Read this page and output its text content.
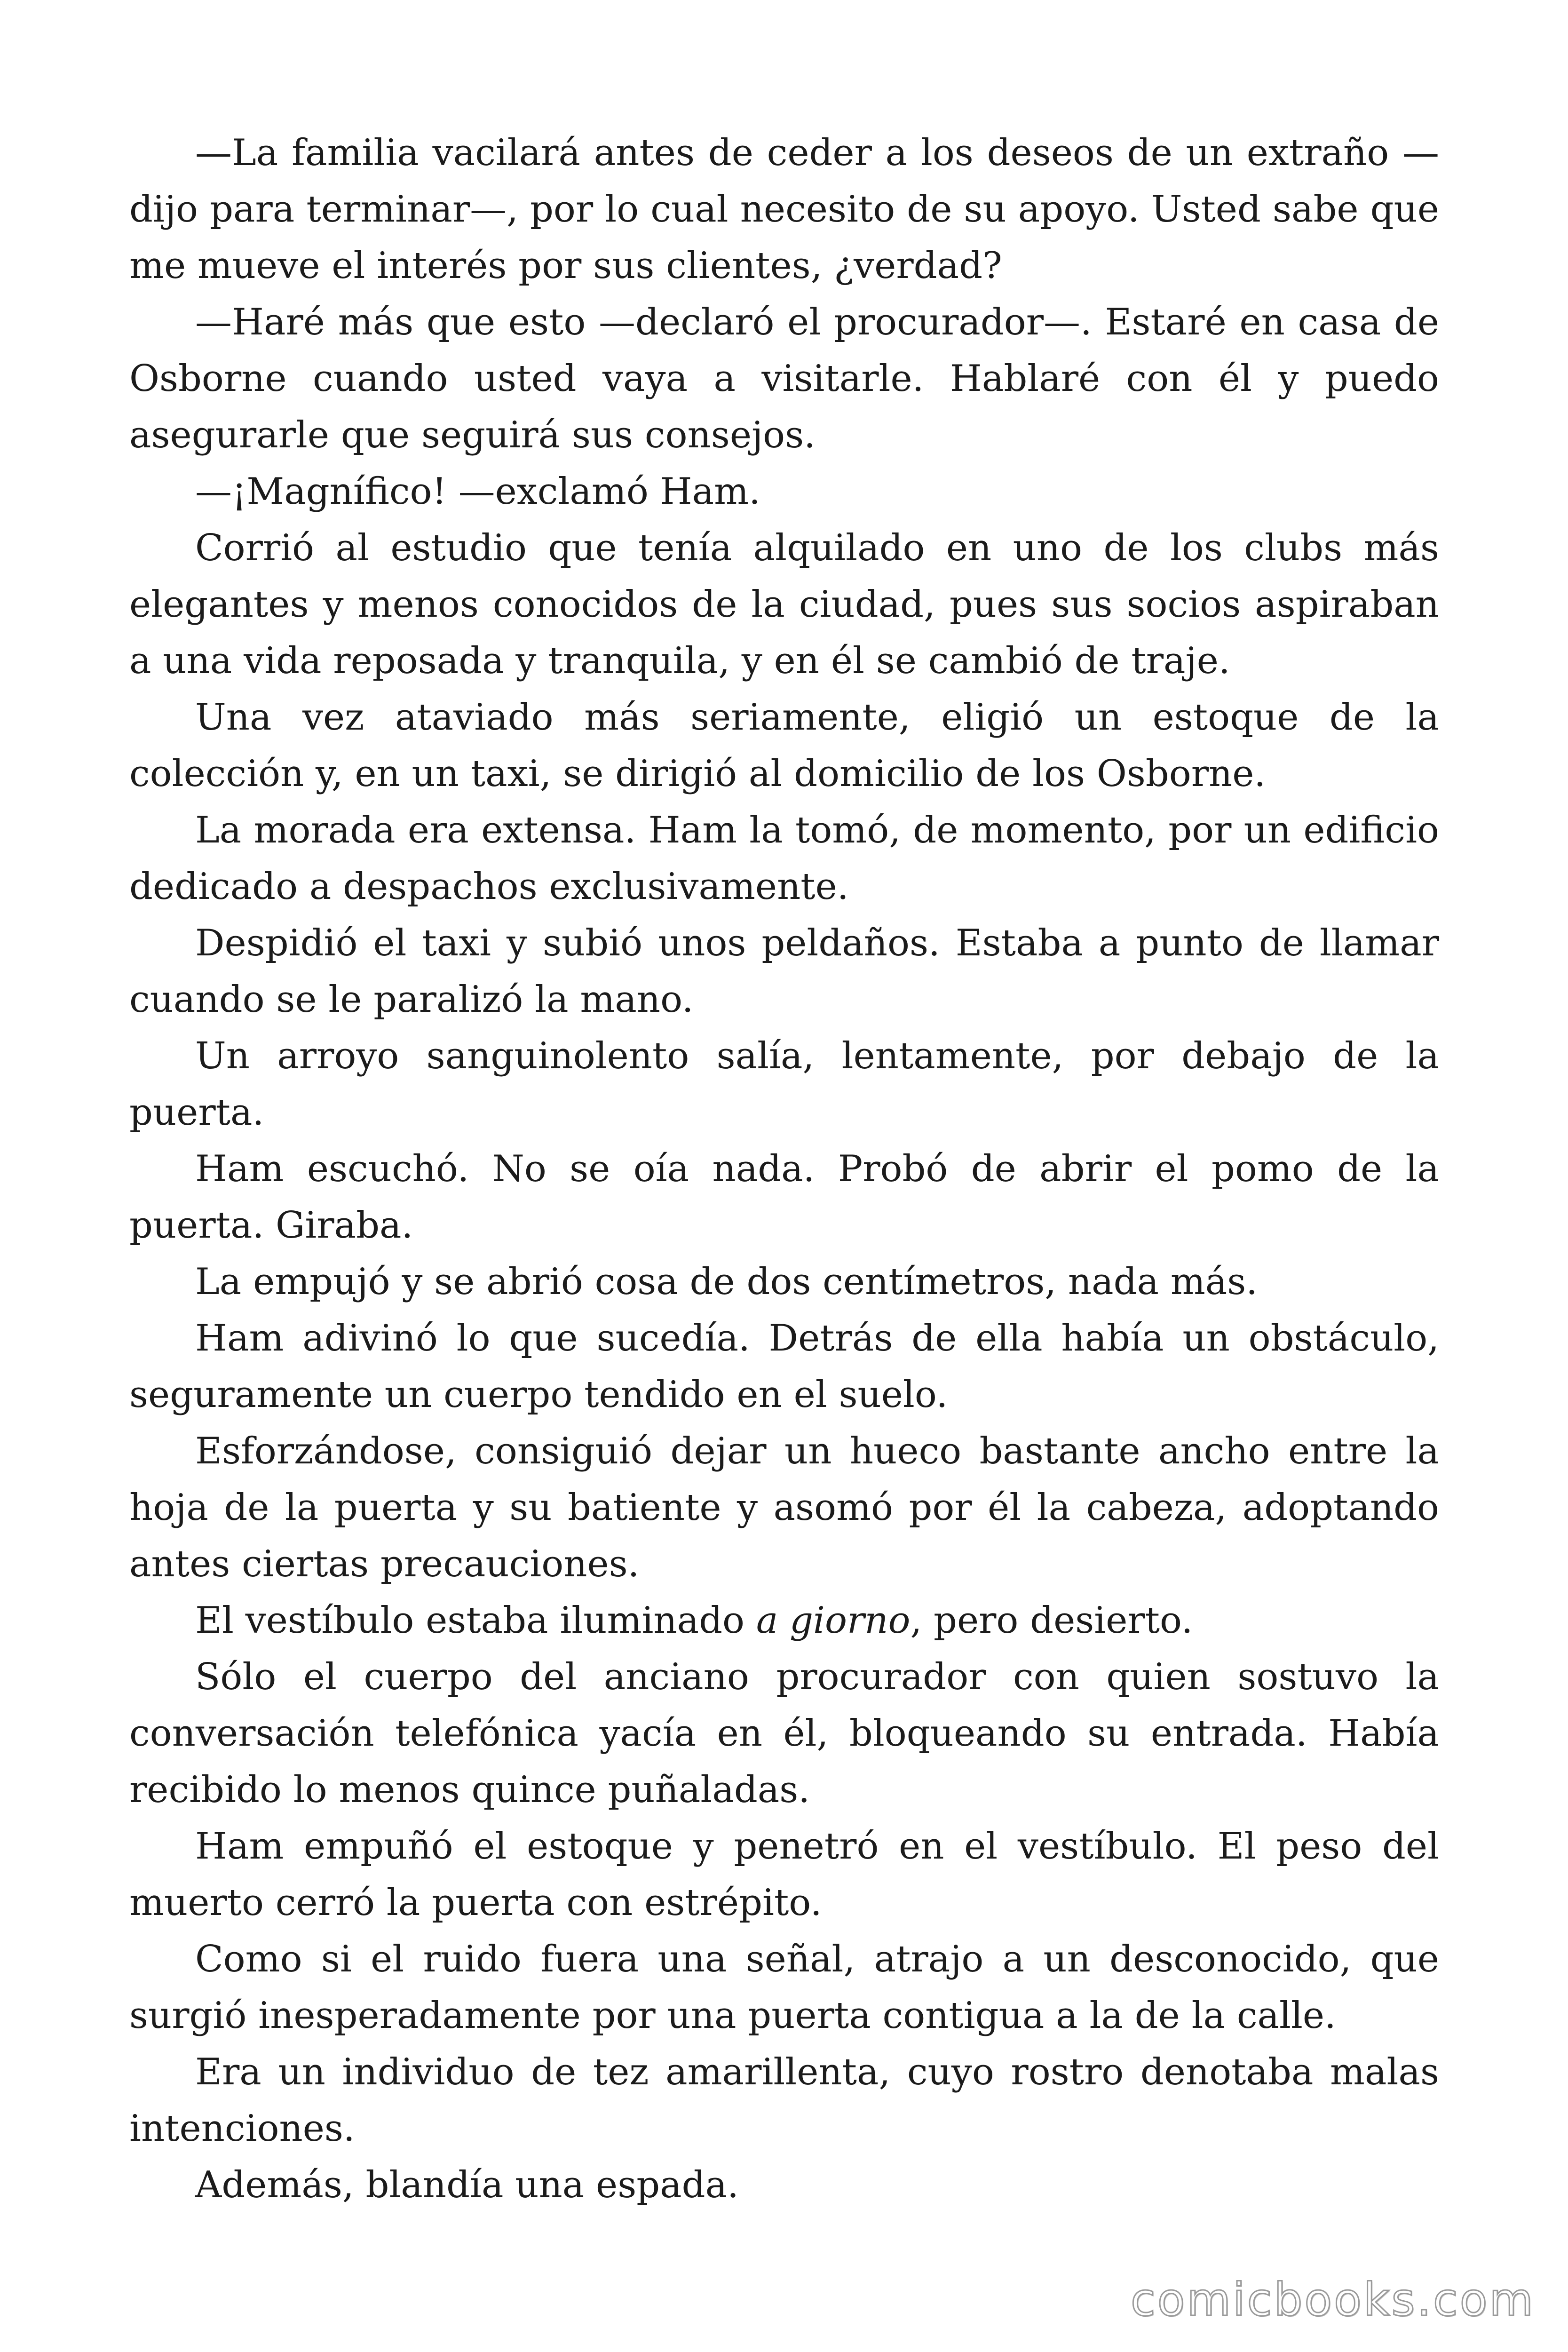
—La familia vacilará antes de ceder a los deseos de un extraño —dijo para terminar—, por lo cual necesito de su apoyo. Usted sabe que me mueve el interés por sus clientes, ¿verdad?

—Haré más que esto —declaró el procurador—. Estaré en casa de Osborne cuando usted vaya a visitarle. Hablaré con él y puedo asegurarle que seguirá sus consejos.

—¡Magnífico! —exclamó Ham.

Corrió al estudio que tenía alquilado en uno de los clubs más elegantes y menos conocidos de la ciudad, pues sus socios aspiraban a una vida reposada y tranquila, y en él se cambió de traje.

Una vez ataviado más seriamente, eligió un estoque de la colección y, en un taxi, se dirigió al domicilio de los Osborne.

La morada era extensa. Ham la tomó, de momento, por un edificio dedicado a despachos exclusivamente.

Despidió el taxi y subió unos peldaños. Estaba a punto de llamar cuando se le paralizó la mano.

Un arroyo sanguinolento salía, lentamente, por debajo de la puerta.

Ham escuchó. No se oía nada. Probó de abrir el pomo de la puerta. Giraba.

La empujó y se abrió cosa de dos centímetros, nada más.

Ham adivinó lo que sucedía. Detrás de ella había un obstáculo, seguramente un cuerpo tendido en el suelo.

Esforzándose, consiguió dejar un hueco bastante ancho entre la hoja de la puerta y su batiente y asomó por él la cabeza, adoptando antes ciertas precauciones.

El vestíbulo estaba iluminado a giorno, pero desierto.

Sólo el cuerpo del anciano procurador con quien sostuvo la conversación telefónica yacía en él, bloqueando su entrada. Había recibido lo menos quince puñaladas.

Ham empuñó el estoque y penetró en el vestíbulo. El peso del muerto cerró la puerta con estrépito.

Como si el ruido fuera una señal, atrajo a un desconocido, que surgió inesperadamente por una puerta contigua a la de la calle.

Era un individuo de tez amarillenta, cuyo rostro denotaba malas intenciones.

Además, blandía una espada.

comicbooks.com
